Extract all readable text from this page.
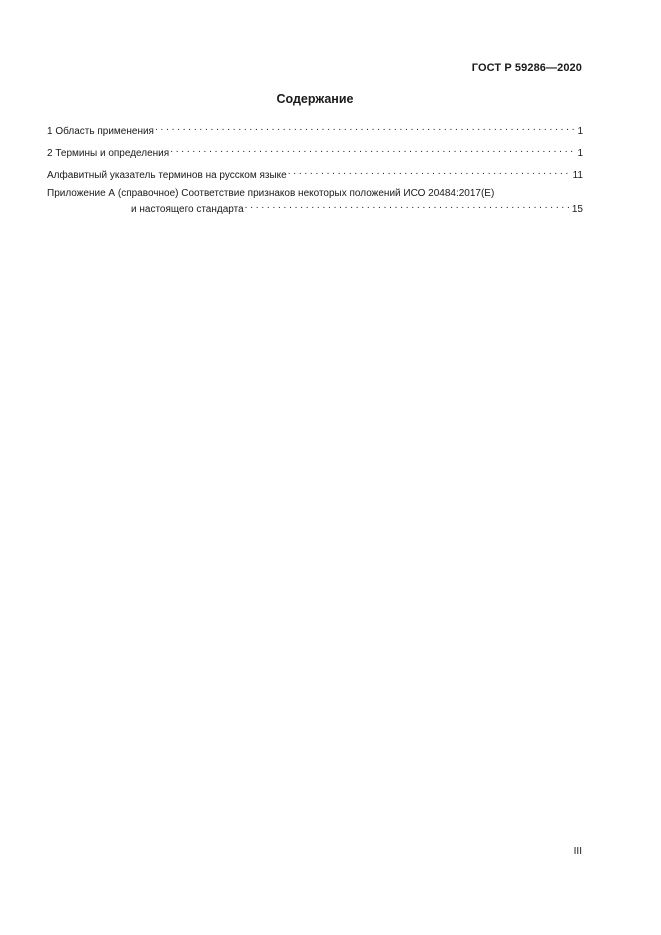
ГОСТ Р 59286—2020
Содержание
1 Область применения . . .	1
2 Термины и определения . . .	1
Алфавитный указатель терминов на русском языке . . .	11
Приложение А (справочное) Соответствие признаков некоторых положений ИСО 20484:2017(E)
и настоящего стандарта . . .	15
III
